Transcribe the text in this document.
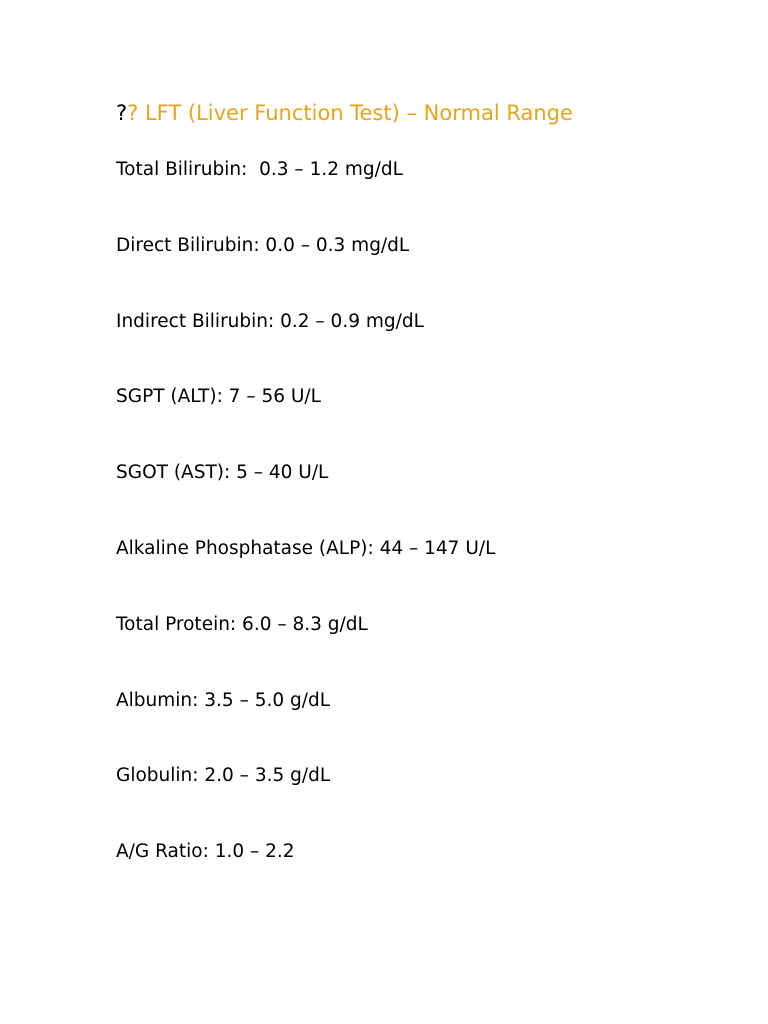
?? LFT (Liver Function Test) – Normal Range
Total Bilirubin:  0.3 – 1.2 mg/dL
Direct Bilirubin: 0.0 – 0.3 mg/dL
Indirect Bilirubin: 0.2 – 0.9 mg/dL
SGPT (ALT): 7 – 56 U/L
SGOT (AST): 5 – 40 U/L
Alkaline Phosphatase (ALP): 44 – 147 U/L
Total Protein: 6.0 – 8.3 g/dL
Albumin: 3.5 – 5.0 g/dL
Globulin: 2.0 – 3.5 g/dL
A/G Ratio: 1.0 – 2.2
